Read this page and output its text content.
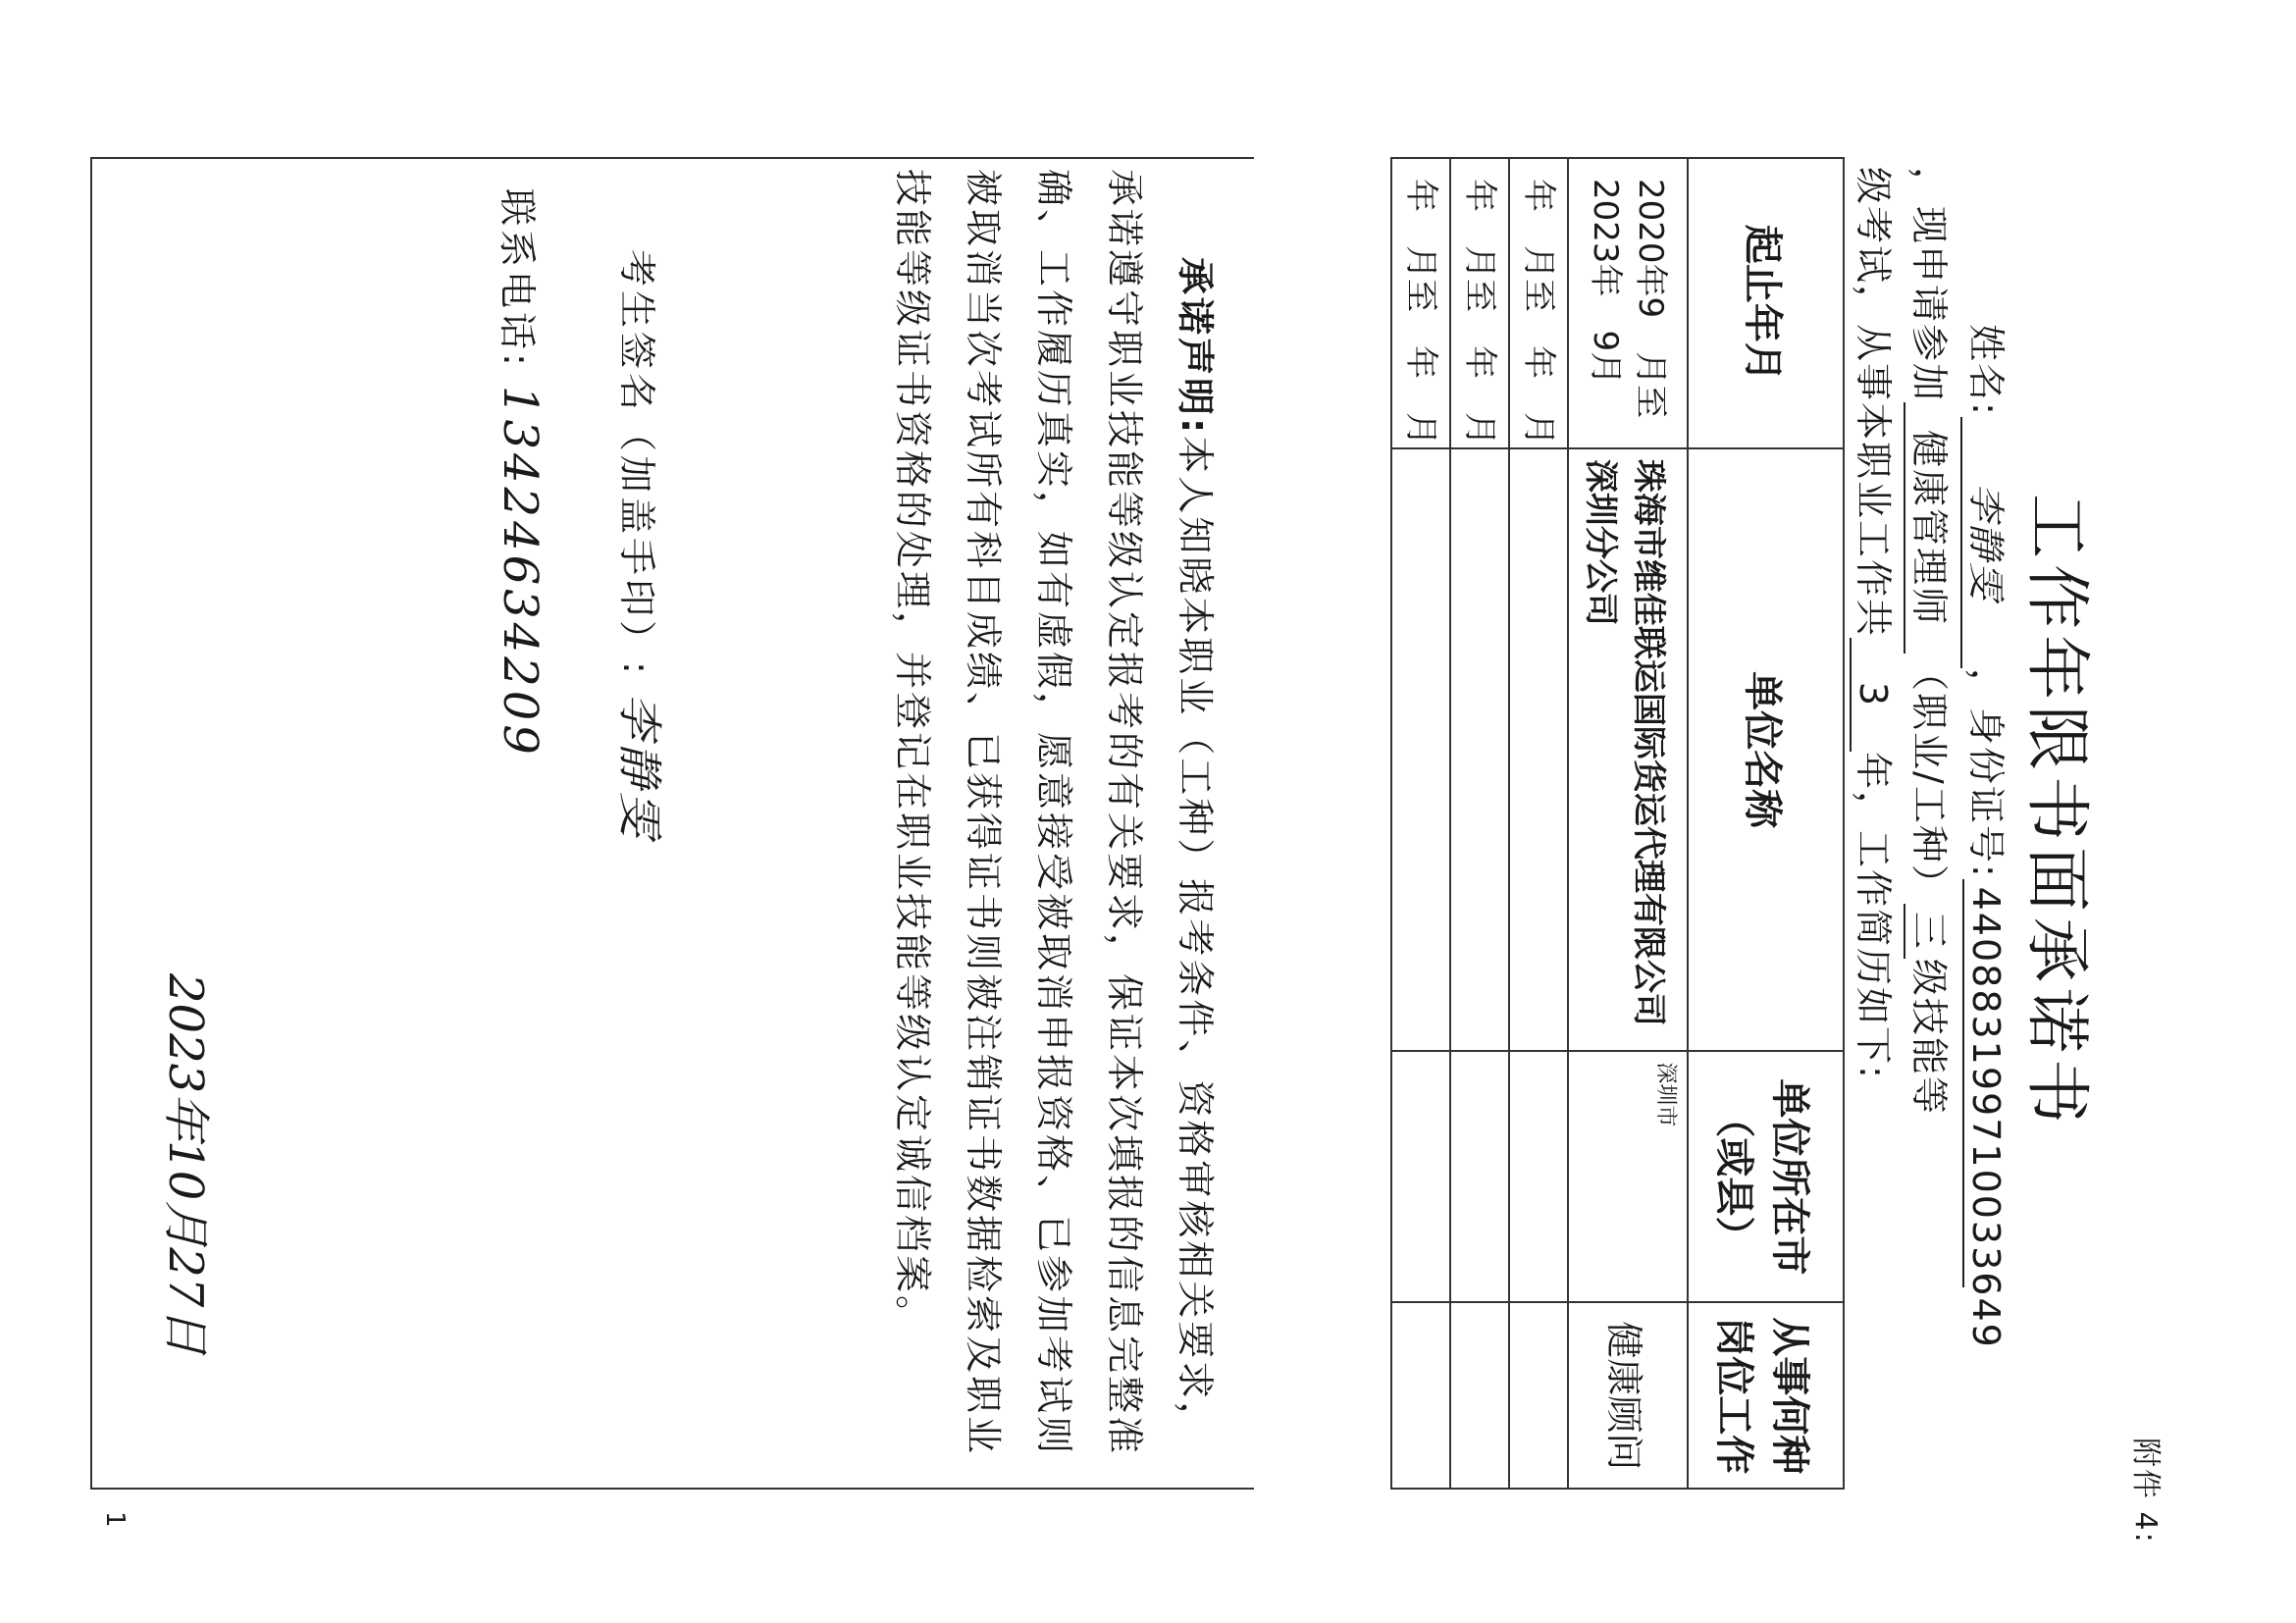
附件 4:
工作年限书面承诺书
姓名:李静雯，身份证号:440883199710033649
，现申请参加健康管理师（职业/工种）三级技能等
级考试，从事本职业工作共3年，工作简历如下:
起止年月	单位名称	单位所在市（或县）	从事何种岗位工作
2020年9　月至2023年　9月	珠海市维佳联运国际货运代理有限公司深圳分公司	深圳市	健康顾问
年　月至　年　月			
年　月至　年　月			
年　月至　年　月			
承诺声明:本人知晓本职业（工种）报考条件、资格审核相关要求，承诺遵守职业技能等级认定报考的有关要求，保证本次填报的信息完整准确、工作履历真实，如有虚假，愿意接受被取消申报资格、已参加考试则被取消当次考试所有科目成绩、已获得证书则被注销证书数据检索及职业技能等级证书资格的处理，并登记在职业技能等级认定诚信档案。
考生签名（加盖手印）: 李静雯
联系电话: 13424634209
2023年10月27日
1
